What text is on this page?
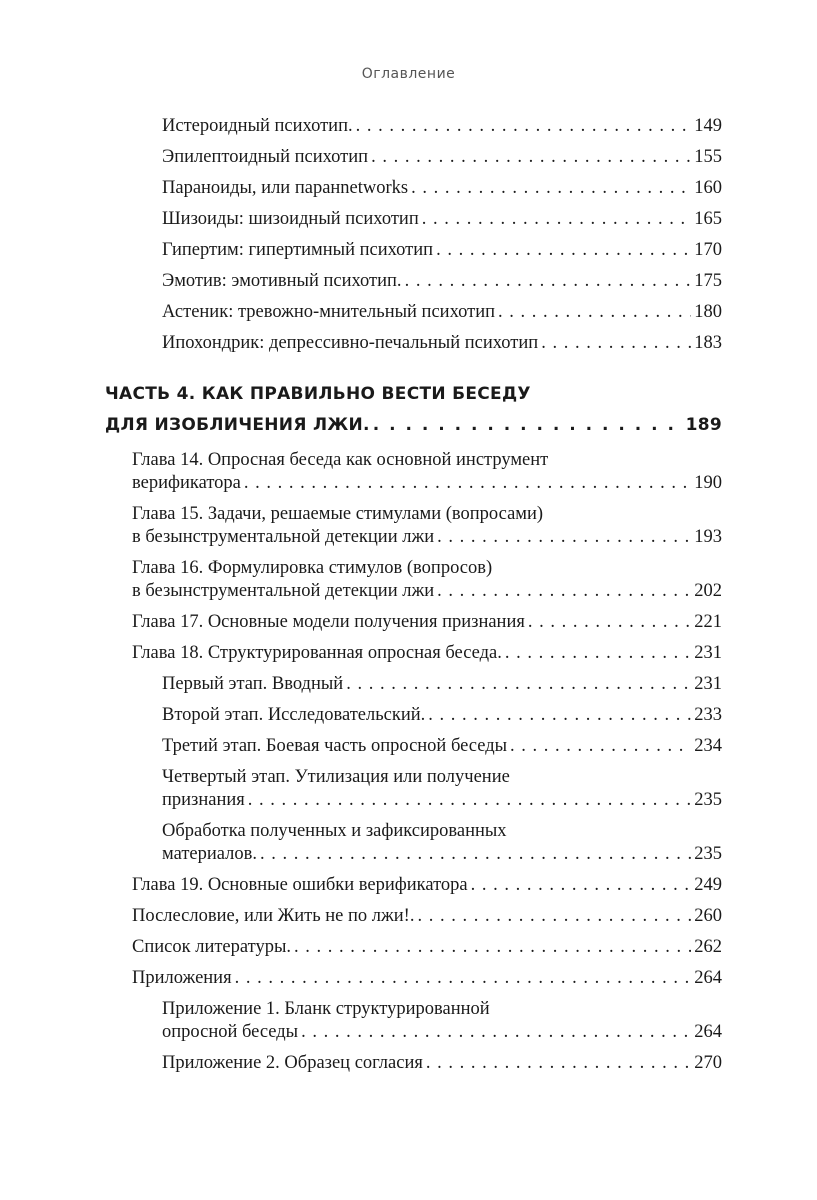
Оглавление
Истероидный психотип. . . .	149
Эпилептоидный психотип . . .	155
Параноиды, или паранnetworks . . .	160
Шизоиды: шизоидный психотип . . .	165
Гипертим: гипертимный психотип . . .	170
Эмотив: эмотивный психотип. . . .	175
Астеник: тревожно-мнительный психотип . . .	180
Ипохондрик: депрессивно-печальный психотип . . .	183
ЧАСТЬ 4. КАК ПРАВИЛЬНО ВЕСТИ БЕСЕДУ
ДЛЯ ИЗОБЛИЧЕНИЯ ЛЖИ. . . .	189
Глава 14. Опросная беседа как основной инструмент
верификатора . . .	190
Глава 15. Задачи, решаемые стимулами (вопросами)
в безынструментальной детекции лжи . . .	193
Глава 16. Формулировка стимулов (вопросов)
в безынструментальной детекции лжи . . .	202
Глава 17. Основные модели получения признания . . .	221
Глава 18. Структурированная опросная беседа. . . .	231
Первый этап. Вводный . . .	231
Второй этап. Исследовательский. . . .	233
Третий этап. Боевая часть опросной беседы . . .	234
Четвертый этап. Утилизация или получение
признания . . .	235
Обработка полученных и зафиксированных
материалов. . . .	235
Глава 19. Основные ошибки верификатора . . .	249
Послесловие, или Жить не по лжи!. . . .	260
Список литературы. . . .	262
Приложения . . .	264
Приложение 1. Бланк структурированной
опросной беседы . . .	264
Приложение 2. Образец согласия . . .	270
